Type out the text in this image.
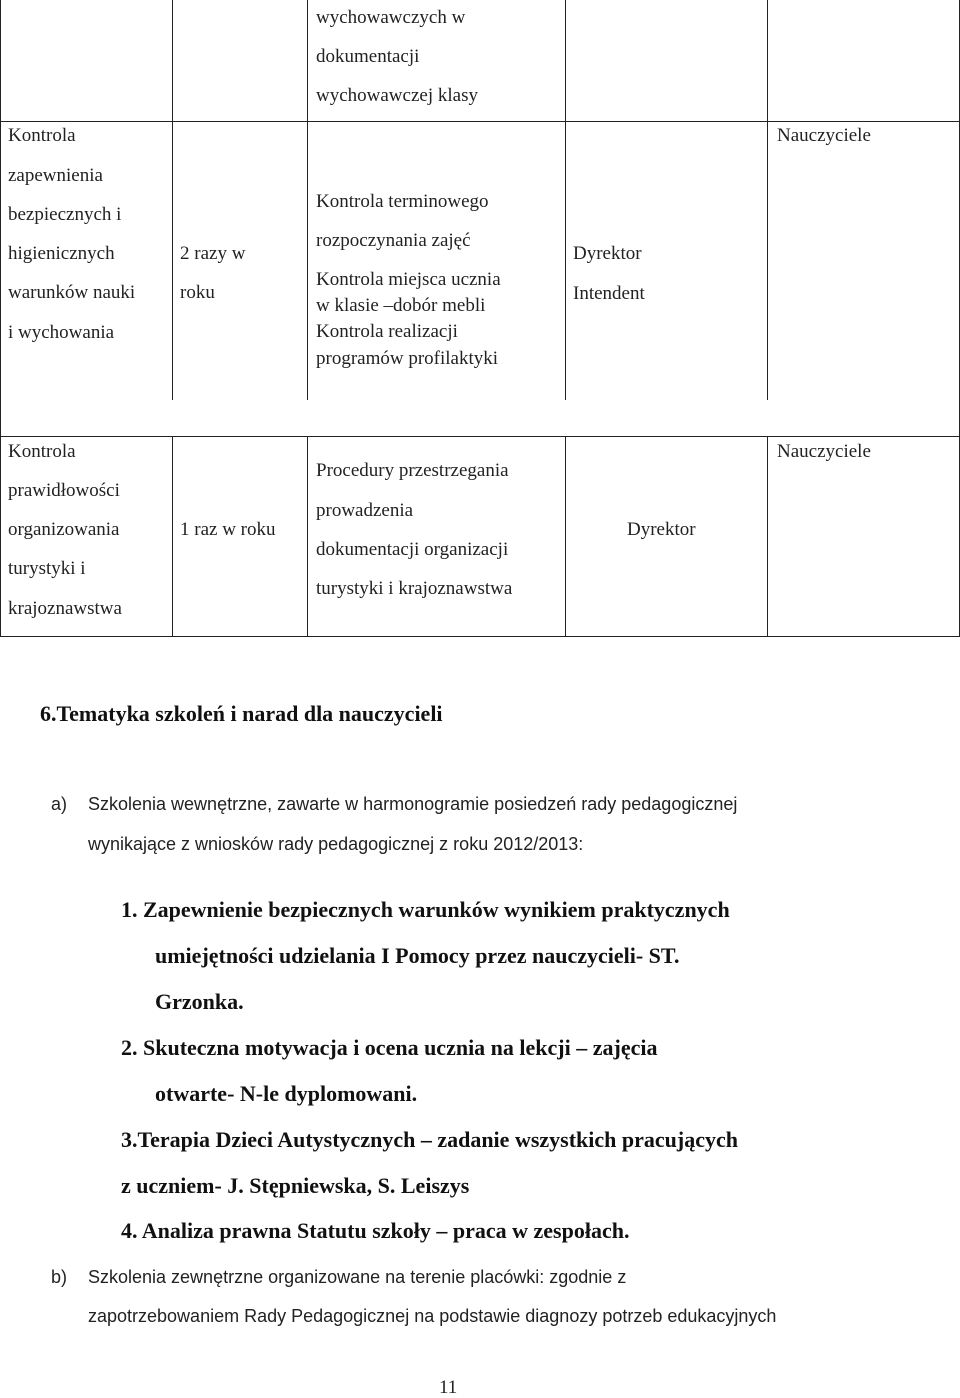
wychowawczych w
dokumentacji
wychowawczej klasy
Kontrola
zapewnienia
bezpiecznych i
higienicznych
warunków nauki
i wychowania
2 razy w
roku
Kontrola terminowego
rozpoczynania zajęć
Kontrola miejsca ucznia
w klasie –dobór mebli
Kontrola realizacji
programów profilaktyki
Dyrektor
Intendent
Nauczyciele
Kontrola
prawidłowości
organizowania
turystyki i
krajoznawstwa
1 raz w roku
Procedury przestrzegania
prowadzenia
dokumentacji organizacji
turystyki i krajoznawstwa
Dyrektor
Nauczyciele
6.Tematyka szkoleń i narad dla nauczycieli
a) Szkolenia wewnętrzne, zawarte w harmonogramie posiedzeń rady pedagogicznej
wynikające z wniosków rady pedagogicznej z roku 2012/2013:
1. Zapewnienie bezpiecznych warunków wynikiem praktycznych
umiejętności udzielania I Pomocy przez nauczycieli- ST.
Grzonka.
2. Skuteczna motywacja i ocena ucznia na lekcji – zajęcia
otwarte- N-le dyplomowani.
3.Terapia Dzieci Autystycznych – zadanie wszystkich pracujących
z uczniem- J. Stępniewska, S. Leiszys
4. Analiza prawna Statutu szkoły – praca w zespołach.
b) Szkolenia zewnętrzne organizowane na terenie placówki: zgodnie z
zapotrzebowaniem Rady Pedagogicznej na podstawie diagnozy potrzeb edukacyjnych
11
